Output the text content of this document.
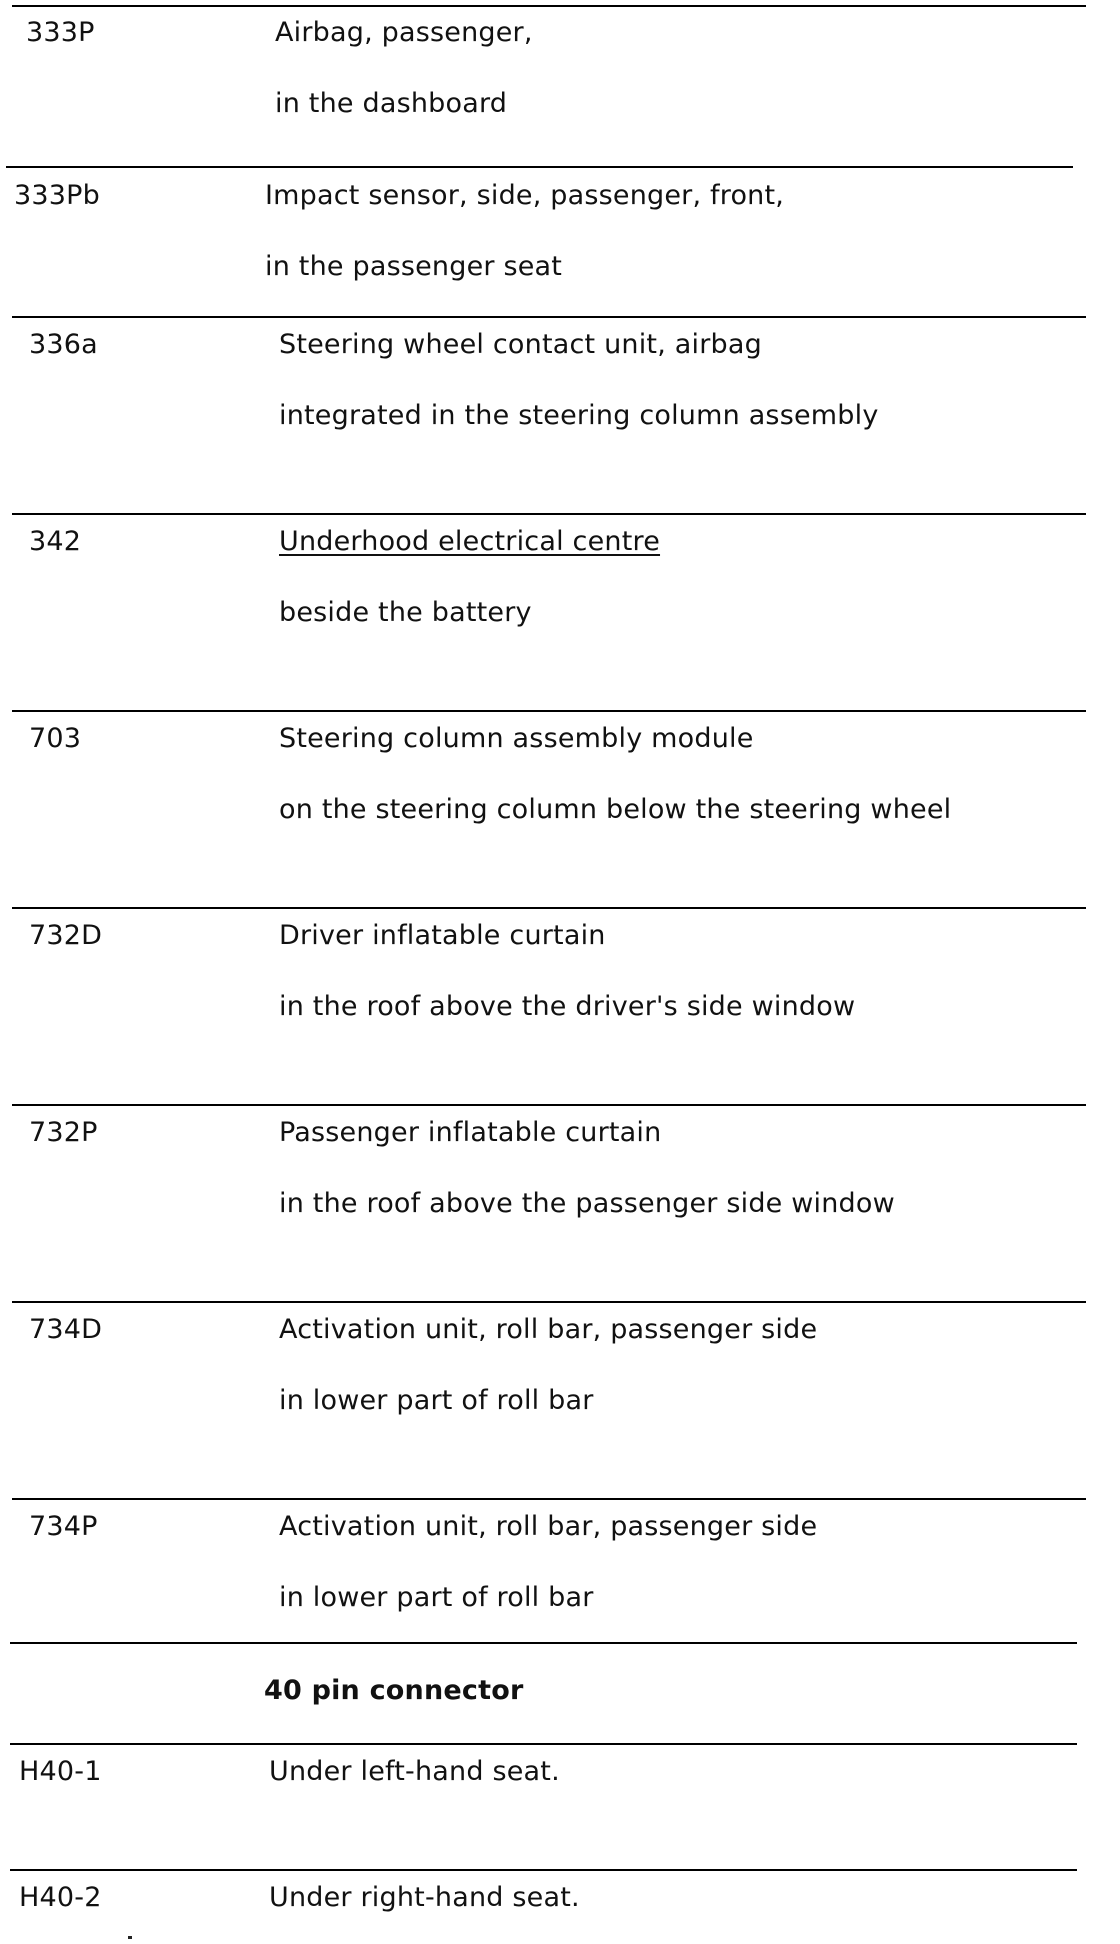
333P	Airbag, passenger,
in the dashboard
333Pb	Impact sensor, side, passenger, front,
in the passenger seat
336a	Steering wheel contact unit, airbag
integrated in the steering column assembly
342	Underhood electrical centre
beside the battery
703	Steering column assembly module
on the steering column below the steering wheel
732D	Driver inflatable curtain
in the roof above the driver's side window
732P	Passenger inflatable curtain
in the roof above the passenger side window
734D	Activation unit, roll bar, passenger side
in lower part of roll bar
734P	Activation unit, roll bar, passenger side
in lower part of roll bar
40 pin connector
H40-1	Under left-hand seat.
H40-2	Under right-hand seat.
